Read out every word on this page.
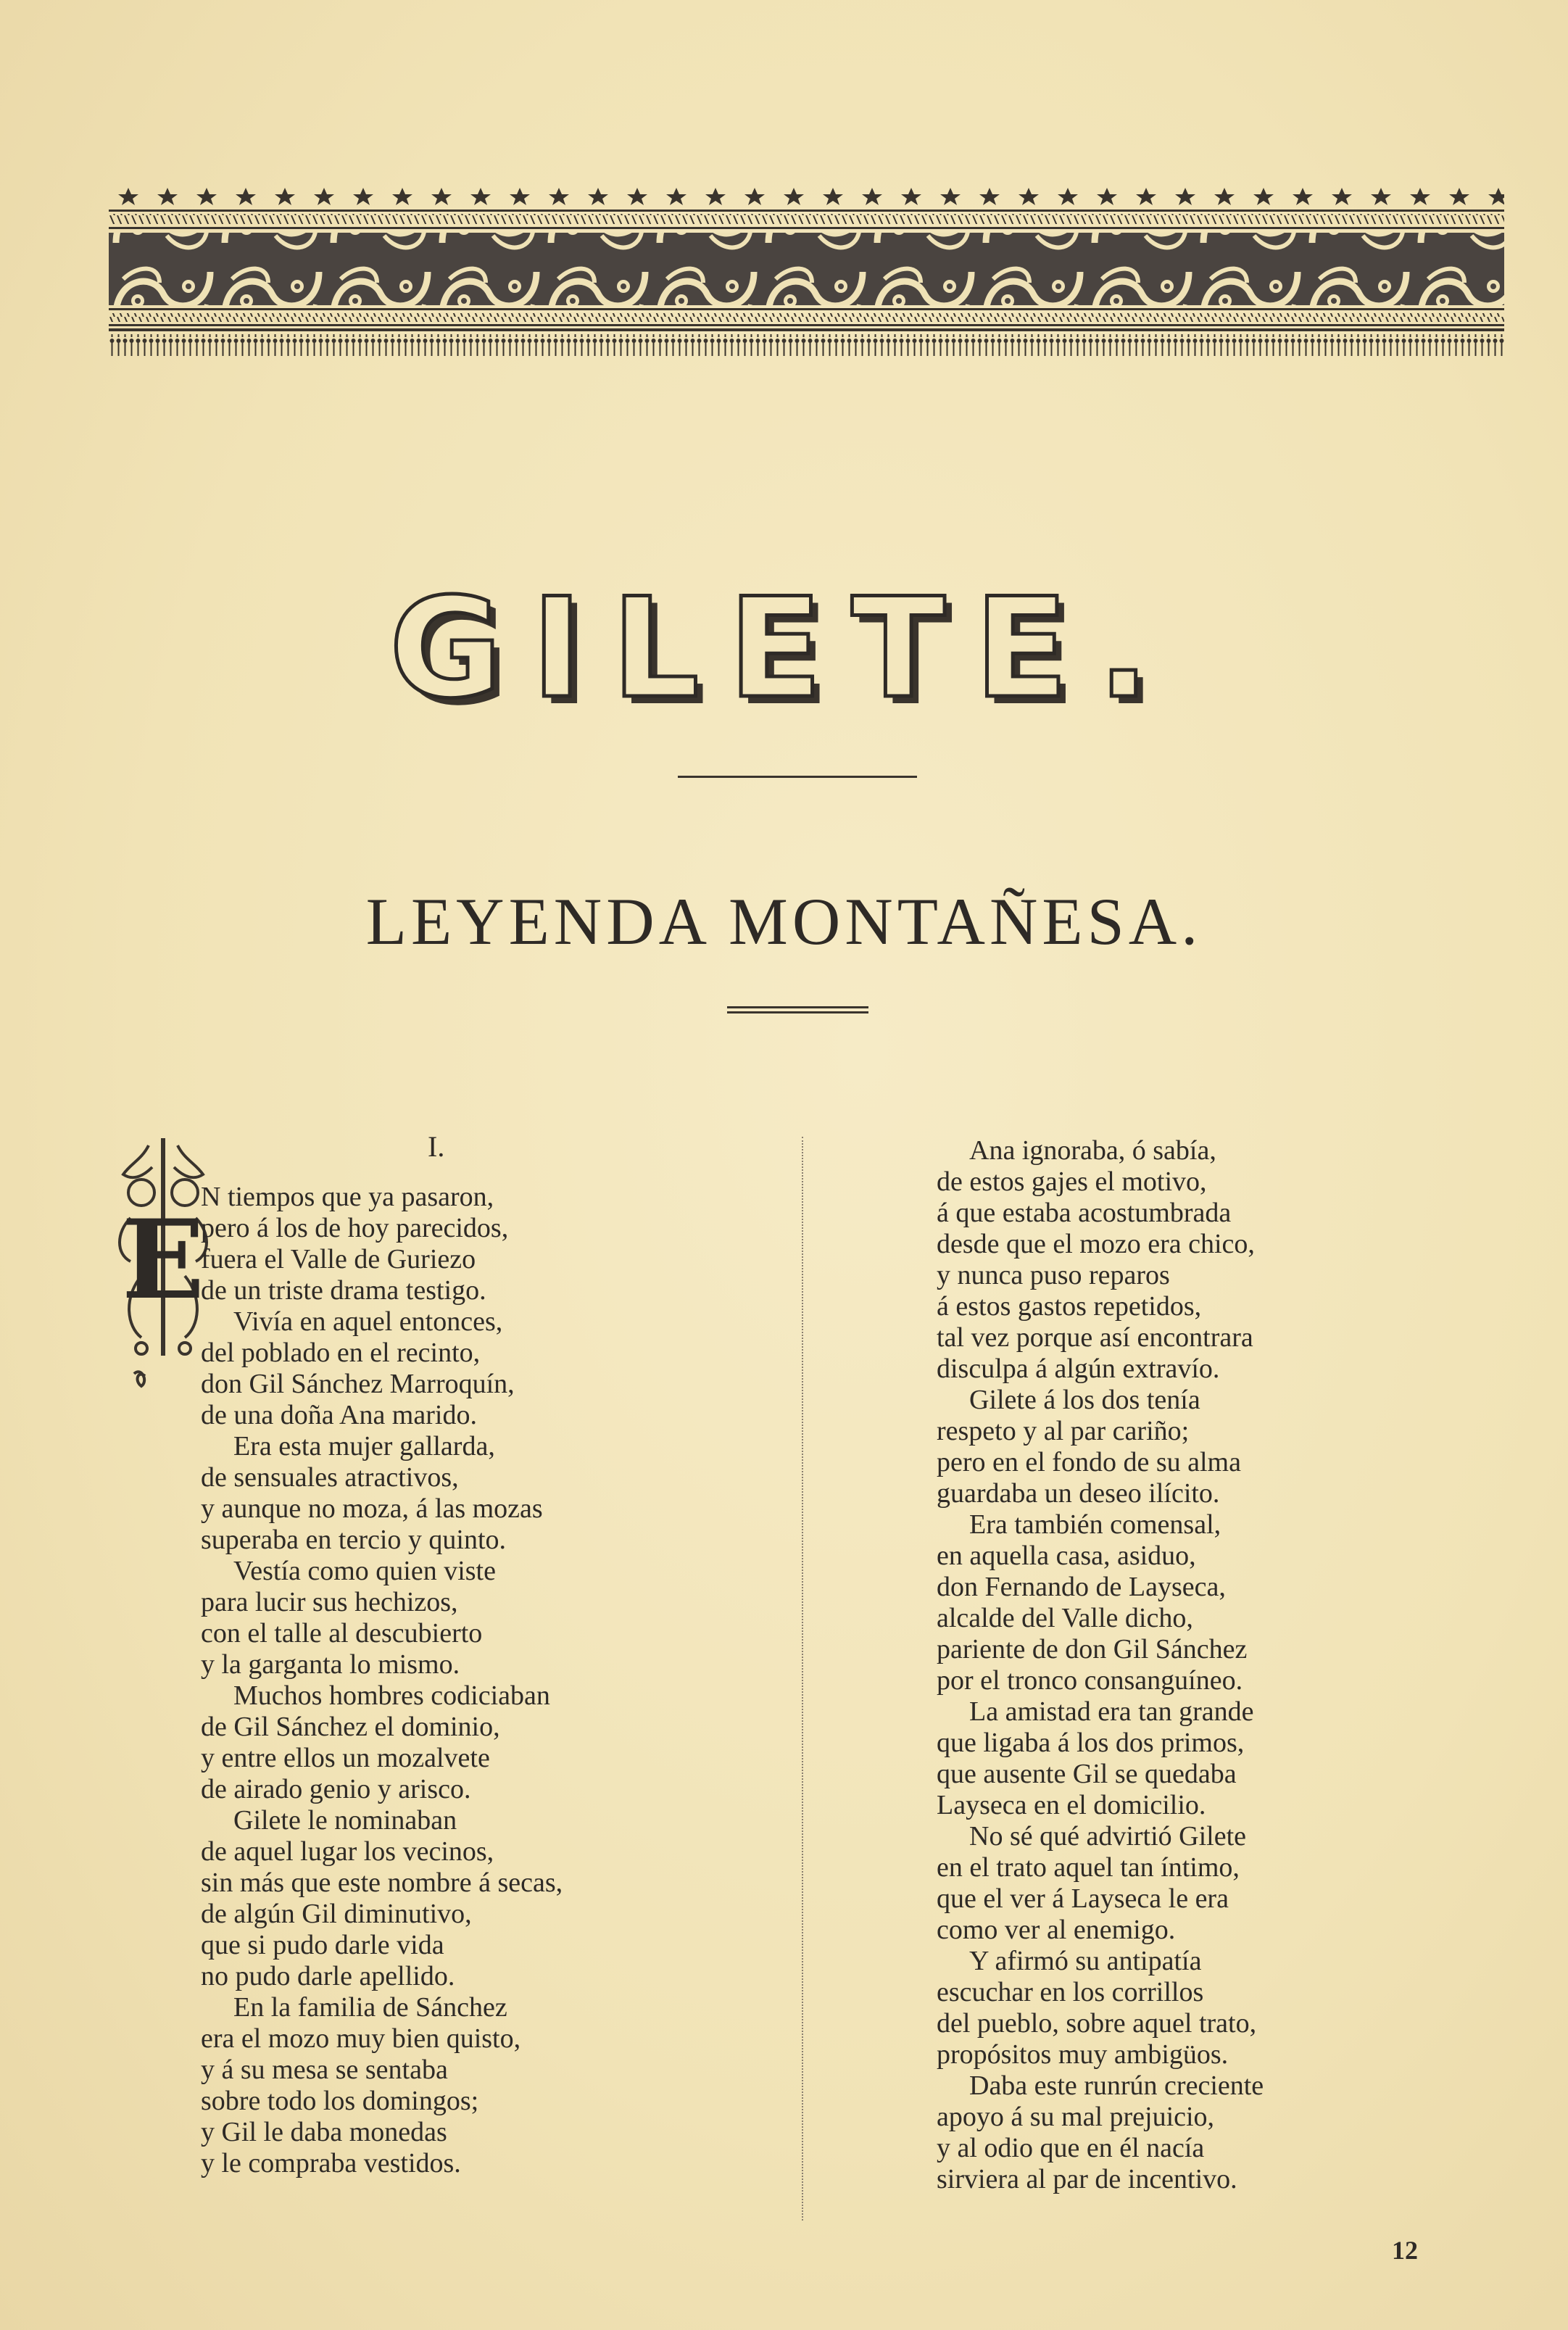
GILETE.
LEYENDA MONTAÑESA.
I.
E
N tiempos que ya pasaron,
pero á los de hoy parecidos,
fuera el Valle de Guriezo
de un triste drama testigo.
Vivía en aquel entonces,
del poblado en el recinto,
don Gil Sánchez Marroquín,
de una doña Ana marido.
Era esta mujer gallarda,
de sensuales atractivos,
y aunque no moza, á las mozas
superaba en tercio y quinto.
Vestía como quien viste
para lucir sus hechizos,
con el talle al descubierto
y la garganta lo mismo.
Muchos hombres codiciaban
de Gil Sánchez el dominio,
y entre ellos un mozalvete
de airado genio y arisco.
Gilete le nominaban
de aquel lugar los vecinos,
sin más que este nombre á secas,
de algún Gil diminutivo,
que si pudo darle vida
no pudo darle apellido.
En la familia de Sánchez
era el mozo muy bien quisto,
y á su mesa se sentaba
sobre todo los domingos;
y Gil le daba monedas
y le compraba vestidos.
Ana ignoraba, ó sabía,
de estos gajes el motivo,
á que estaba acostumbrada
desde que el mozo era chico,
y nunca puso reparos
á estos gastos repetidos,
tal vez porque así encontrara
disculpa á algún extravío.
Gilete á los dos tenía
respeto y al par cariño;
pero en el fondo de su alma
guardaba un deseo ilícito.
Era también comensal,
en aquella casa, asiduo,
don Fernando de Layseca,
alcalde del Valle dicho,
pariente de don Gil Sánchez
por el tronco consanguíneo.
La amistad era tan grande
que ligaba á los dos primos,
que ausente Gil se quedaba
Layseca en el domicilio.
No sé qué advirtió Gilete
en el trato aquel tan íntimo,
que el ver á Layseca le era
como ver al enemigo.
Y afirmó su antipatía
escuchar en los corrillos
del pueblo, sobre aquel trato,
propósitos muy ambigüos.
Daba este runrún creciente
apoyo á su mal prejuicio,
y al odio que en él nacía
sirviera al par de incentivo.
12
